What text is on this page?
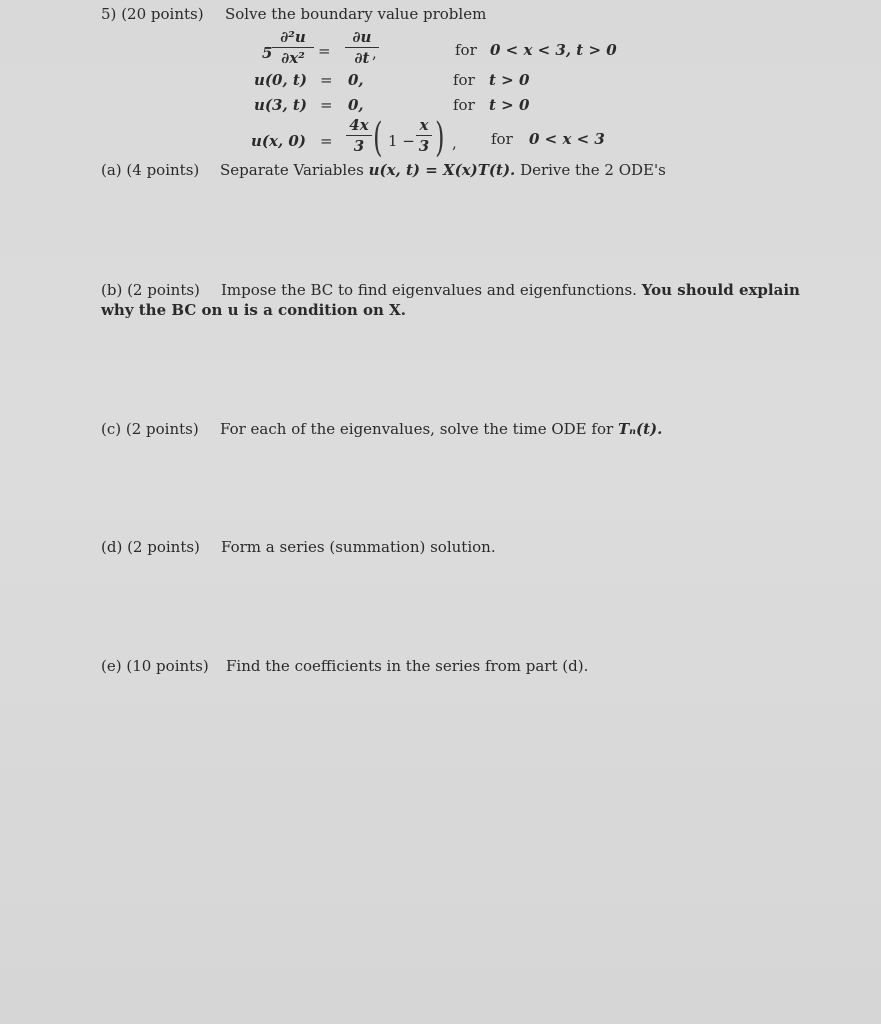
5) (20 points) Solve the boundary value problem
5
∂²u
∂x² =
∂u
∂t ,	for 0 < x < 3, t > 0
u(0, t) = 0,	for t > 0
u(3, t) = 0,	for t > 0
u(x, 0) =
4x
3 ( 1 −
x
3 ) , for 0 < x < 3
(a) (4 points) Separate Variables u(x, t) = X(x)T(t). Derive the 2 ODE's
(b) (2 points) Impose the BC to find eigenvalues and eigenfunctions. You should explain
why the BC on u is a condition on X.
(c) (2 points) For each of the eigenvalues, solve the time ODE for Tₙ(t).
(d) (2 points) Form a series (summation) solution.
(e) (10 points) Find the coefficients in the series from part (d).
